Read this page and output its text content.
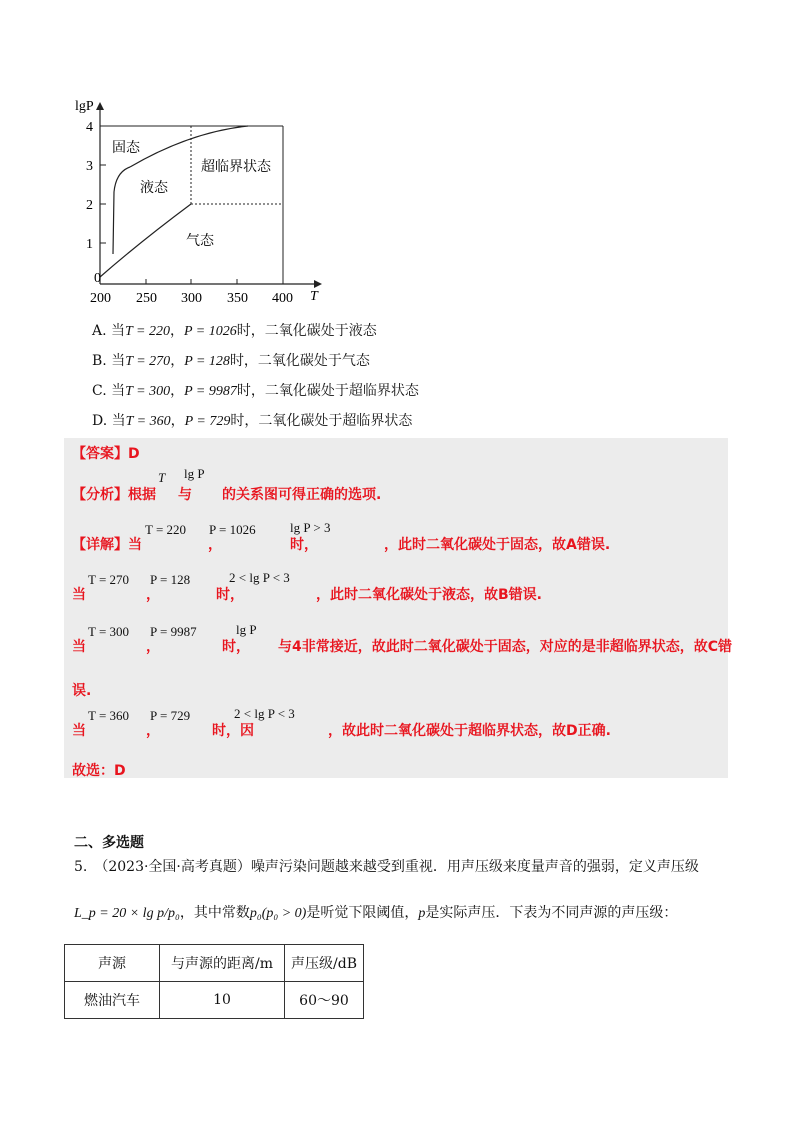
lgP
T
4
3
2
1
0
200 250 300 350 400
固态
液态
超临界状态
气态
A. 当T = 220，P = 1026时，二氧化碳处于液态
B. 当T = 270，P = 128时，二氧化碳处于气态
C. 当T = 300，P = 9987时，二氧化碳处于超临界状态
D. 当T = 360，P = 729时，二氧化碳处于超临界状态
【答案】D
【分析】根据 与 的关系图可得正确的选项.
T lg P
【详解】当	，	时，	，此时二氧化碳处于固态，故A错误.
T = 220 P = 1026	lg P > 3
当	，	时，	，此时二氧化碳处于液态，故B错误.
T = 270 P = 128	2 < lg P < 3
当	，	时， 与4非常接近，故此时二氧化碳处于固态，对应的是非超临界状态，故C错
T = 300 P = 9987	lg P
误.
当	，	时，因	，故此时二氧化碳处于超临界状态，故D正确.
T = 360 P = 729	2 < lg P < 3
故选：D
二、多选题
5.　（2023·全国·高考真题）噪声污染问题越来越受到重视．用声压级来度量声音的强弱，定义声压级
L_p = 20 × lg p/p₀，其中常数p₀(p₀ > 0)是听觉下限阈值，p是实际声压．下表为不同声源的声压级：
声源	与声源的距离/m	声压级/dB
燃油汽车	10	60～90
